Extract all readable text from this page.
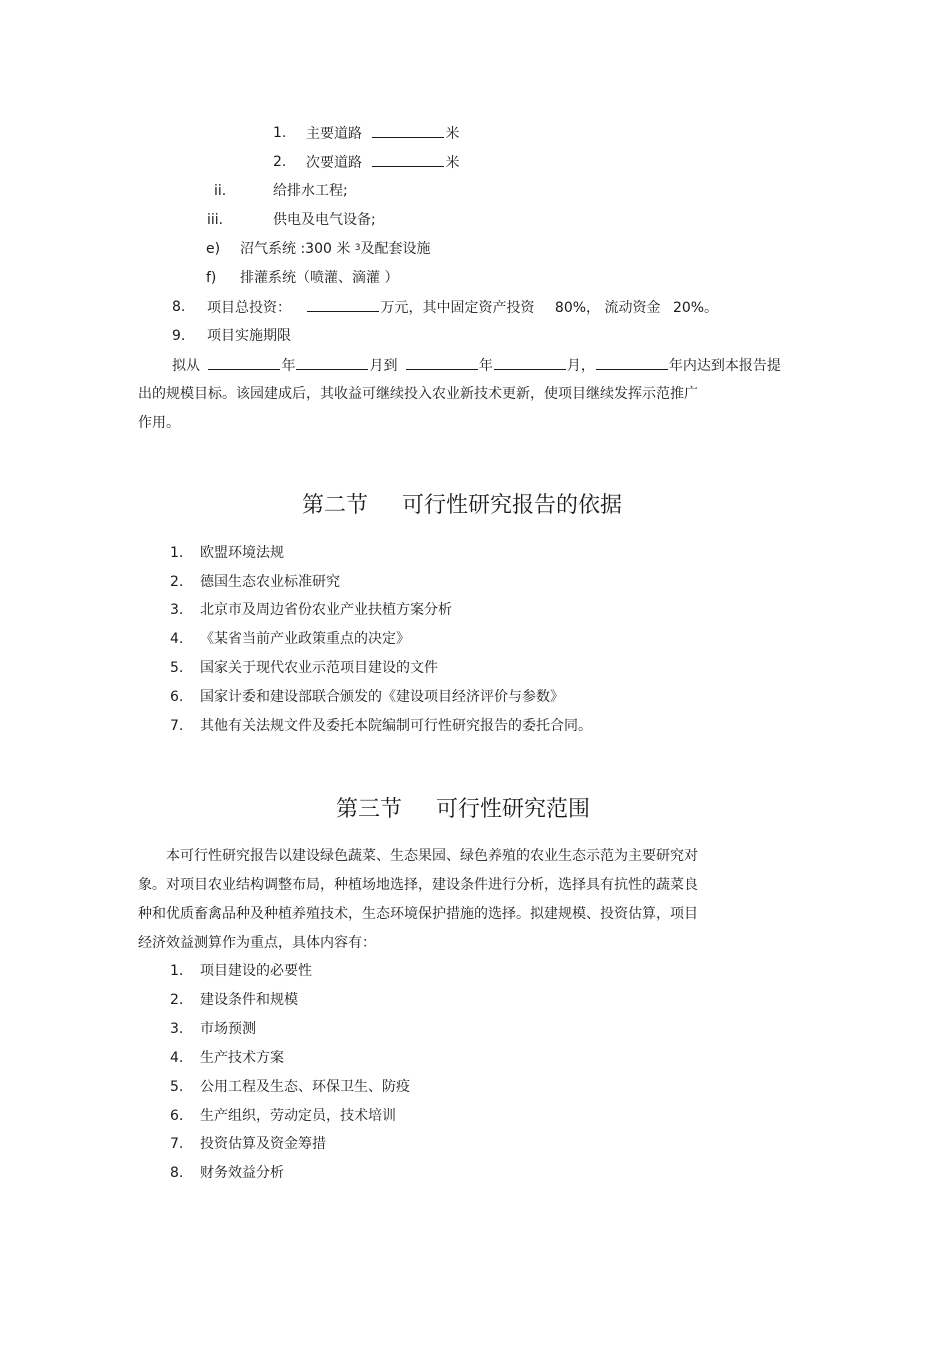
1. 主要道路	米
2. 次要道路	米
ii.	给排水工程;
iii.	供电及电气设备;
e) 沼气系统 :300 米 $^3$及配套设施
f) 排灌系统（喷灌、滴灌 ）
8. 项目总投资：	万元，其中固定资产投资 80%， 流动资金 20%。
9. 项目实施期限
拟从	年	月到	年	月，	年内达到本报告提
出的规模目标。该园建成后，其收益可继续投入农业新技术更新，使项目继续发挥示范推广
作用。
第二节 可行性研究报告的依据
1. 欧盟环境法规
2. 德国生态农业标准研究
3. 北京市及周边省份农业产业扶植方案分析
4. 《某省当前产业政策重点的决定》
5. 国家关于现代农业示范项目建设的文件
6. 国家计委和建设部联合颁发的《建设项目经济评价与参数》
7. 其他有关法规文件及委托本院编制可行性研究报告的委托合同。
第三节 可行性研究范围
　　本可行性研究报告以建设绿色蔬菜、生态果园、绿色养殖的农业生态示范为主要研究对
象。对项目农业结构调整布局，种植场地选择，建设条件进行分析，选择具有抗性的蔬菜良
种和优质畜禽品种及种植养殖技术，生态环境保护措施的选择。拟建规模、投资估算，项目
经济效益测算作为重点，具体内容有：
1. 项目建设的必要性
2. 建设条件和规模
3. 市场预测
4. 生产技术方案
5. 公用工程及生态、环保卫生、防疫
6. 生产组织，劳动定员，技术培训
7. 投资估算及资金筹措
8. 财务效益分析
